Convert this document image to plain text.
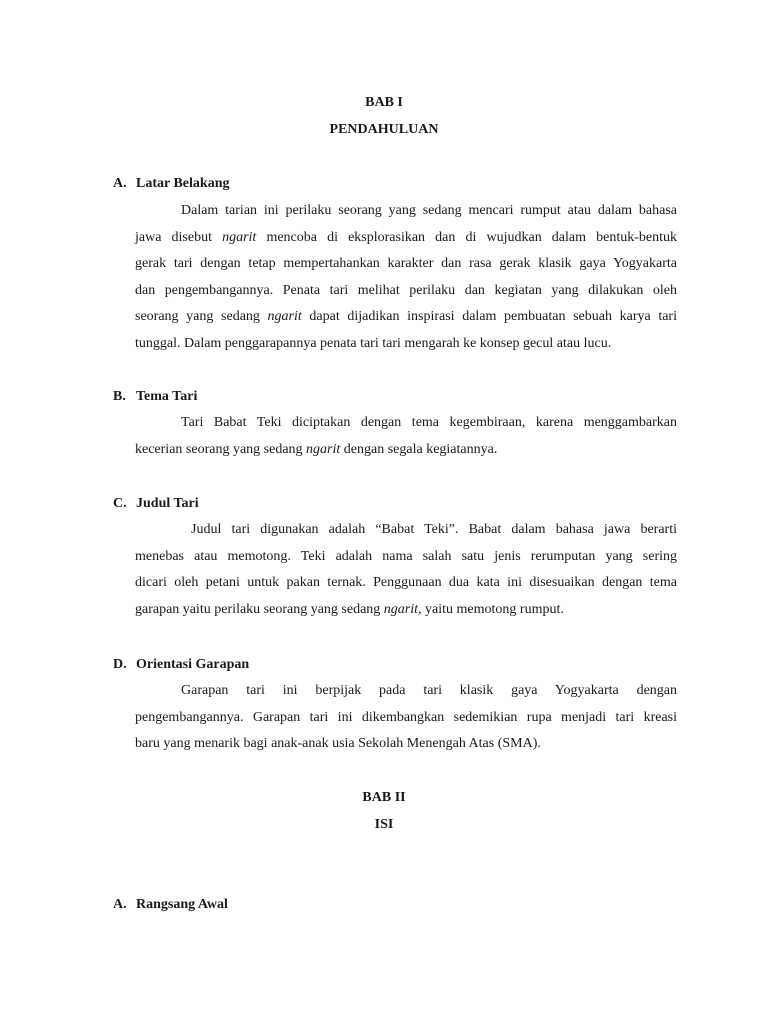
BAB I
PENDAHULUAN
A. Latar Belakang
Dalam tarian ini perilaku seorang yang sedang mencari rumput atau dalam bahasa
jawa disebut ngarit mencoba di eksplorasikan dan di wujudkan dalam bentuk-bentuk
gerak tari dengan tetap mempertahankan karakter dan rasa gerak klasik gaya Yogyakarta
dan pengembangannya. Penata tari melihat perilaku dan kegiatan yang dilakukan oleh
seorang yang sedang ngarit dapat dijadikan inspirasi dalam pembuatan sebuah karya tari
tunggal. Dalam penggarapannya penata tari tari mengarah ke konsep gecul atau lucu.
B. Tema Tari
Tari Babat Teki diciptakan dengan tema kegembiraan, karena menggambarkan
kecerian seorang yang sedang ngarit dengan segala kegiatannya.
C. Judul Tari
Judul tari digunakan adalah “Babat Teki”. Babat dalam bahasa jawa berarti
menebas atau memotong. Teki adalah nama salah satu jenis rerumputan yang sering
dicari oleh petani untuk pakan ternak. Penggunaan dua kata ini disesuaikan dengan tema
garapan yaitu perilaku seorang yang sedang ngarit, yaitu memotong rumput.
D. Orientasi Garapan
Garapan tari ini berpijak pada tari klasik gaya Yogyakarta dengan
pengembangannya. Garapan tari ini dikembangkan sedemikian rupa menjadi tari kreasi
baru yang menarik bagi anak-anak usia Sekolah Menengah Atas (SMA).
BAB II
ISI
A. Rangsang Awal
